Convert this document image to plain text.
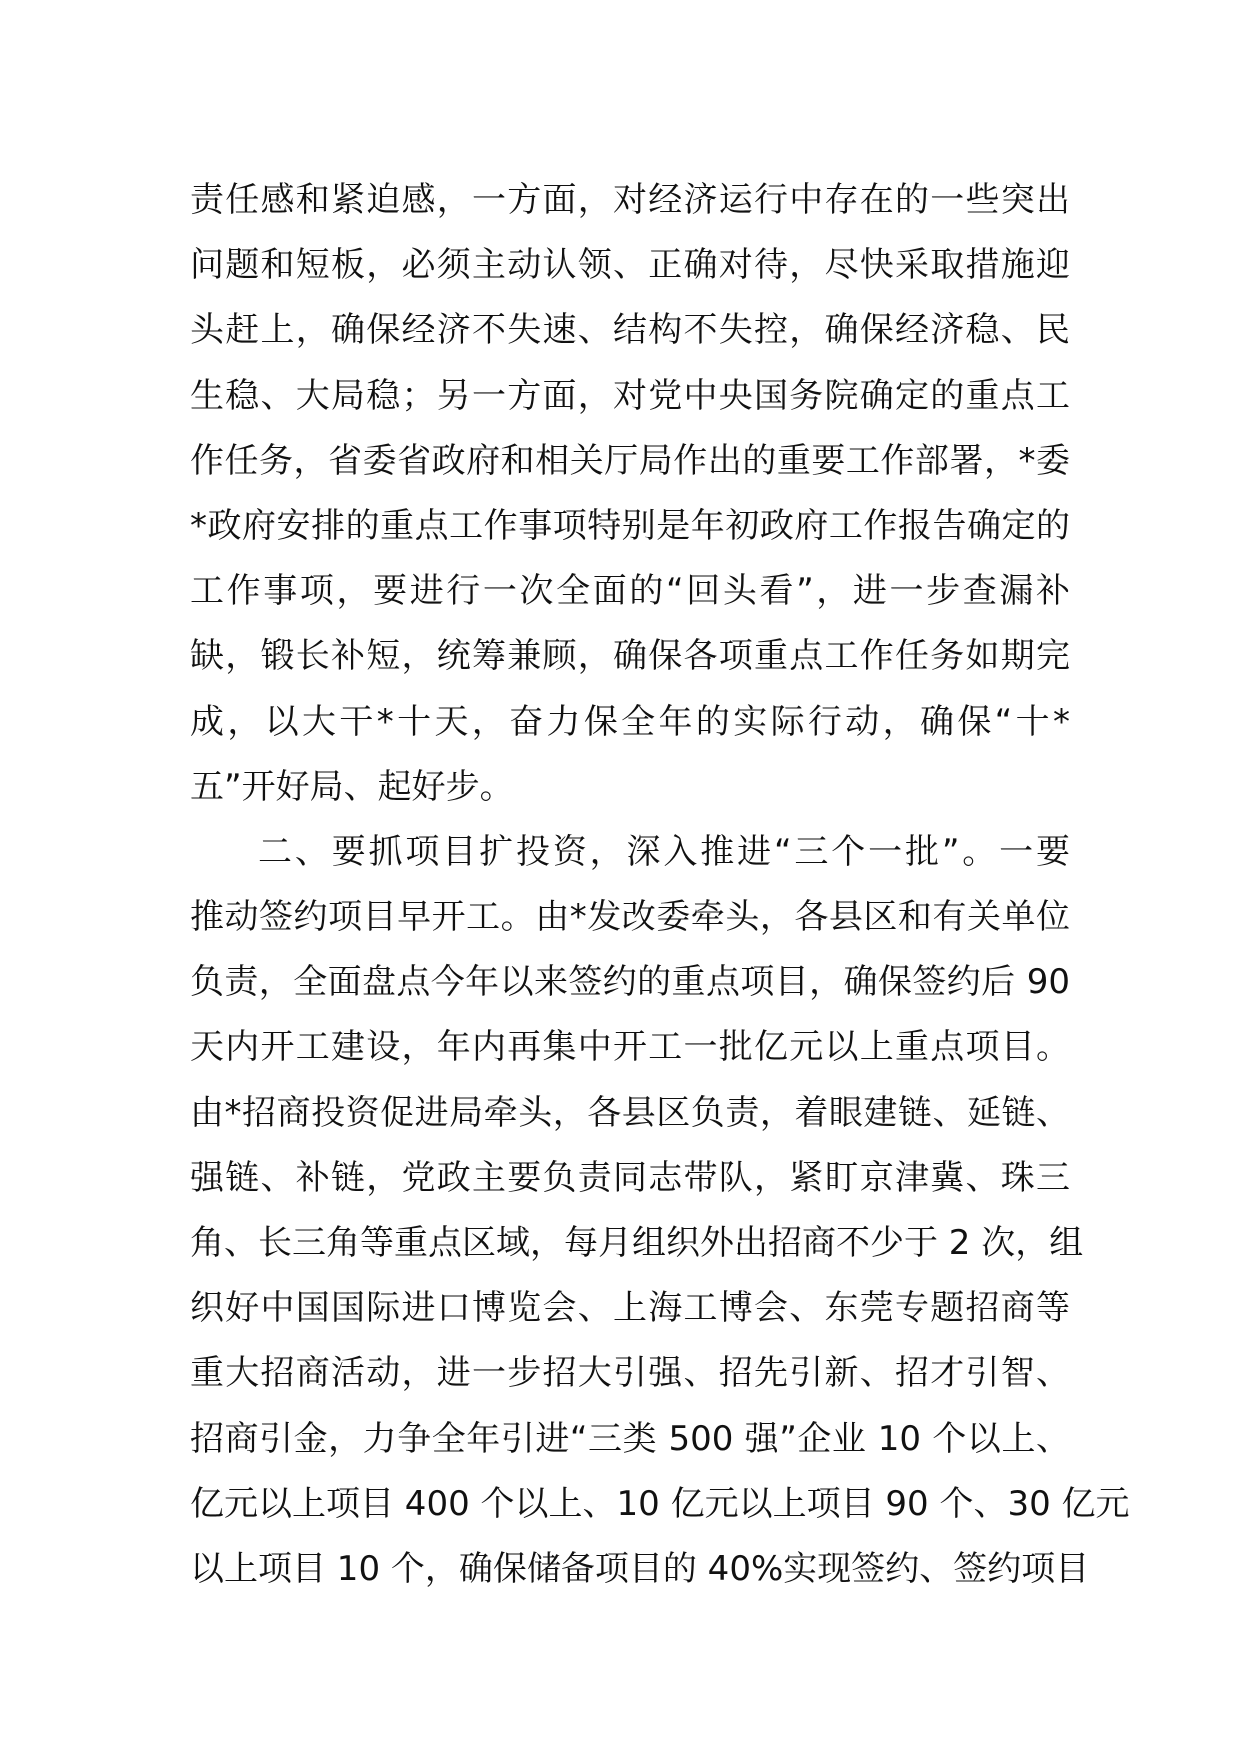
责任感和紧迫感，一方面，对经济运行中存在的一些突出
问题和短板，必须主动认领、正确对待，尽快采取措施迎
头赶上，确保经济不失速、结构不失控，确保经济稳、民
生稳、大局稳；另一方面，对党中央国务院确定的重点工
作任务，省委省政府和相关厅局作出的重要工作部署，*委
*政府安排的重点工作事项特别是年初政府工作报告确定的
工作事项，要进行一次全面的“回头看”，进一步查漏补
缺，锻长补短，统筹兼顾，确保各项重点工作任务如期完
成，以大干*十天，奋力保全年的实际行动，确保“十*
五”开好局、起好步。
二、要抓项目扩投资，深入推进“三个一批”。一要
推动签约项目早开工。由*发改委牵头，各县区和有关单位
负责，全面盘点今年以来签约的重点项目，确保签约后 90
天内开工建设，年内再集中开工一批亿元以上重点项目。
由*招商投资促进局牵头，各县区负责，着眼建链、延链、
强链、补链，党政主要负责同志带队，紧盯京津冀、珠三
角、长三角等重点区域，每月组织外出招商不少于 2 次，组
织好中国国际进口博览会、上海工博会、东莞专题招商等
重大招商活动，进一步招大引强、招先引新、招才引智、
招商引金，力争全年引进“三类 500 强”企业 10 个以上、
亿元以上项目 400 个以上、10 亿元以上项目 90 个、30 亿元
以上项目 10 个，确保储备项目的 40%实现签约、签约项目
